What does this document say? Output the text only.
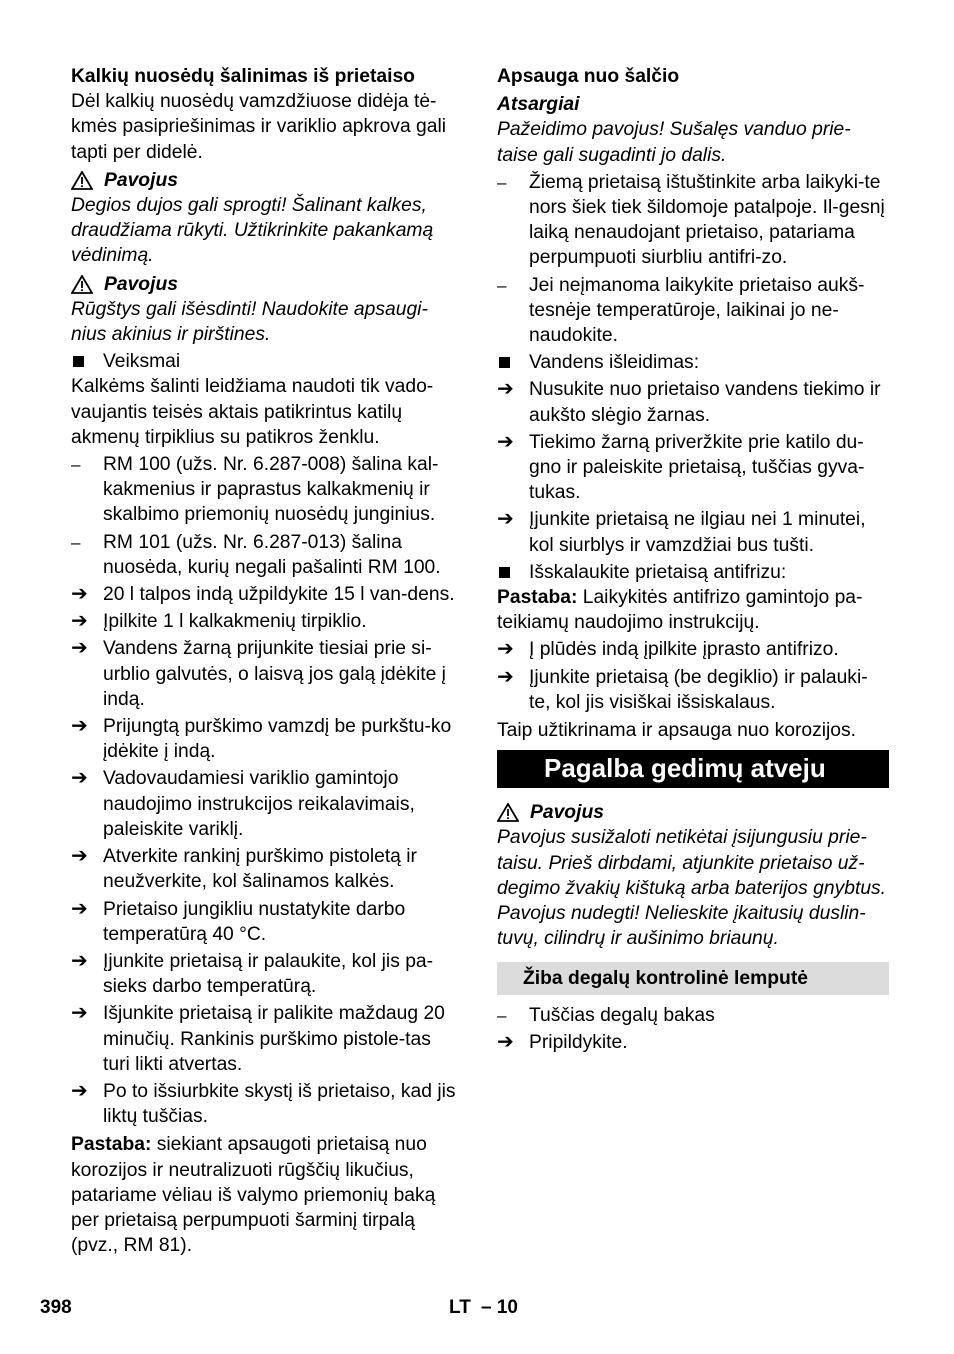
Kalkių nuosėdų šalinimas iš prietaiso

Dėl kalkių nuosėdų vamzdžiuose didėja tė-kmės pasipriešinimas ir variklio apkrova gali tapti per didelė.

Pavojus

Degios dujos gali sprogti! Šalinant kalkes, draudžiama rūkyti. Užtikrinkite pakankamą vėdinimą.

Pavojus

Rūgštys gali išėsdinti! Naudokite apsaugi-nius akinius ir pirštines.

Veiksmai

Kalkėms šalinti leidžiama naudoti tik vado-vaujantis teisės aktais patikrintus katilų akmenų tirpiklius su patikros ženklu.

–	RM 100 (užs. Nr. 6.287-008) šalina kal-kakmenius ir paprastus kalkakmenių ir skalbimo priemonių nuosėdų junginius.
–	RM 101 (užs. Nr. 6.287-013) šalina nuosėda, kurių negali pašalinti RM 100.
➔ 20 l talpos indą užpildykite 15 l van-dens.
➔ Įpilkite 1 l kalkakmenių tirpiklio.
➔ Vandens žarną prijunkite tiesiai prie si-urblio galvutės, o laisvą jos galą įdėkite į indą.
➔ Prijungtą purškimo vamzdį be purkštu-ko įdėkite į indą.
➔ Vadovaudamiesi variklio gamintojo naudojimo instrukcijos reikalavimais, paleiskite variklį.
➔ Atverkite rankinį purškimo pistoletą ir neužverkite, kol šalinamos kalkės.
➔ Prietaiso jungikliu nustatykite darbo temperatūrą 40 °C.
➔ Įjunkite prietaisą ir palaukite, kol jis pa-sieks darbo temperatūrą.
➔ Išjunkite prietaisą ir palikite maždaug 20 minučių. Rankinis purškimo pistole-tas turi likti atvertas.
➔ Po to išsiurbkite skystį iš prietaiso, kad jis liktų tuščias.

Pastaba: siekiant apsaugoti prietaisą nuo korozijos ir neutralizuoti rūgščių likučius, patariame vėliau iš valymo priemonių baką per prietaisą perpumpuoti šarminį tirpalą (pvz., RM 81).

Apsauga nuo šalčio

Atsargiai

Pažeidimo pavojus! Sušalęs vanduo prie-taise gali sugadinti jo dalis.

–	Žiemą prietaisą ištuštinkite arba laikyki-te nors šiek tiek šildomoje patalpoje. Il-gesnį laiką nenaudojant prietaiso, patariama perpumpuoti siurbliu antifri-zo.
–	Jei neįmanoma laikykite prietaiso aukš-tesnėje temperatūroje, laikinai jo ne-naudokite.
Vandens išleidimas:
➔ Nusukite nuo prietaiso vandens tiekimo ir aukšto slėgio žarnas.
➔ Tiekimo žarną priveržkite prie katilo du-gno ir paleiskite prietaisą, tuščias gyva-tukas.
➔ Įjunkite prietaisą ne ilgiau nei 1 minutei, kol siurblys ir vamzdžiai bus tušti.
Išskalaukite prietaisą antifrizu:

Pastaba: Laikykitės antifrizo gamintojo pa-teikiamų naudojimo instrukcijų.

➔ Į plūdės indą įpilkite įprasto antifrizo.
➔ Įjunkite prietaisą (be degiklio) ir palauki-te, kol jis visiškai išsiskalaus.

Taip užtikrinama ir apsauga nuo korozijos.

Pagalba gedimų atveju
Pavojus

Pavojus susižaloti netikėtai įsijungusiu prie-taisu. Prieš dirbdami, atjunkite prietaiso už-degimo žvakių kištuką arba baterijos gnybtus.

Pavojus nudegti! Nelieskite įkaitusių duslin-tuvų, cilindrų ir aušinimo briaunų.

Žiba degalų kontrolinė lemputė
–	Tuščias degalų bakas
➔ Pripildykite.
398	LT – 10
